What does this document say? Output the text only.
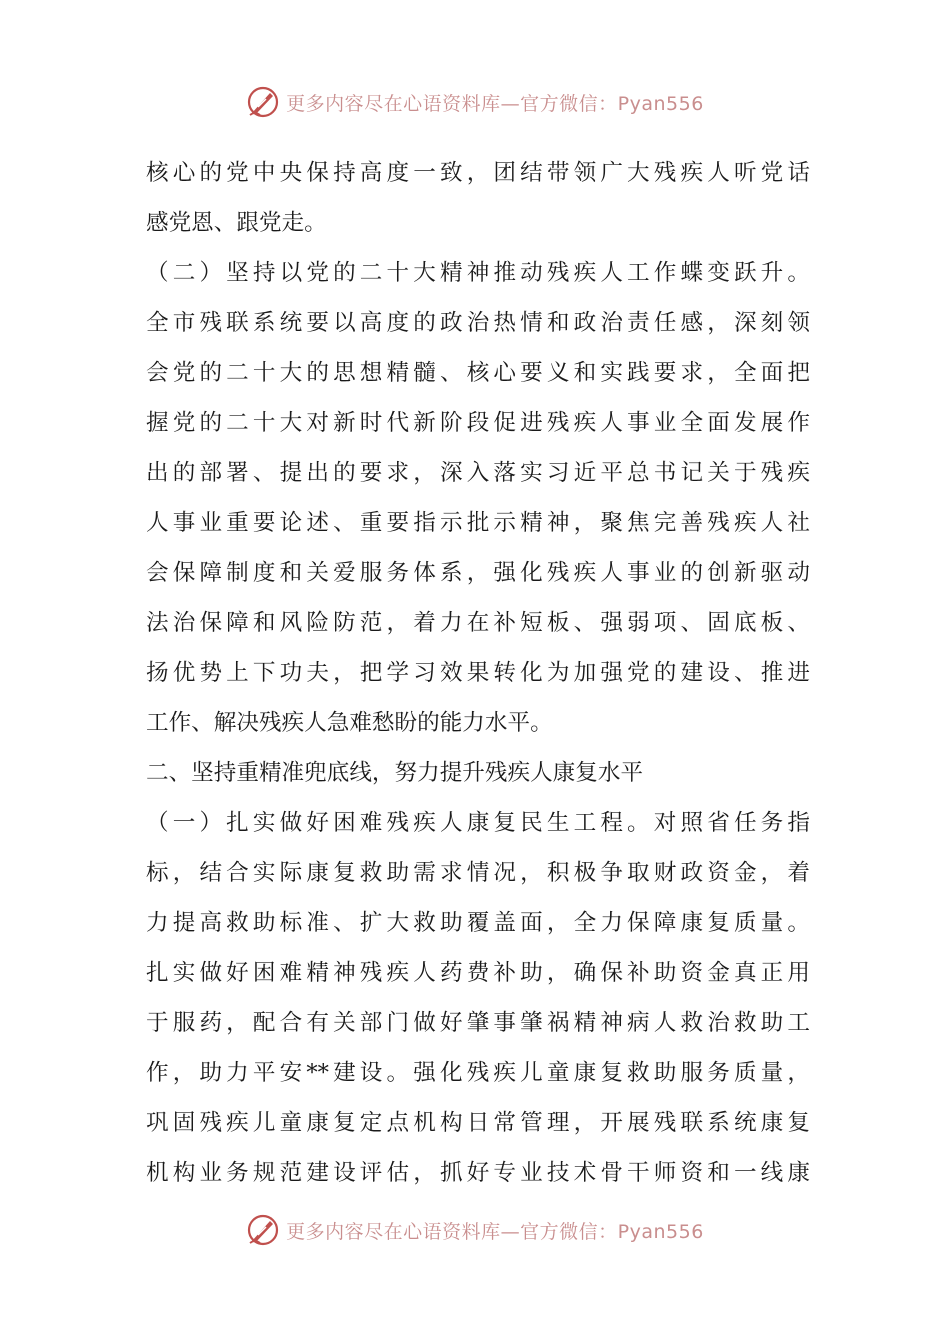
更多内容尽在心语资料库—官方微信：Pyan556
核心的党中央保持高度一致，团结带领广大残疾人听党话
感党恩、跟党走。
（二）坚持以党的二十大精神推动残疾人工作蝶变跃升。
全市残联系统要以高度的政治热情和政治责任感，深刻领
会党的二十大的思想精髓、核心要义和实践要求，全面把
握党的二十大对新时代新阶段促进残疾人事业全面发展作
出的部署、提出的要求，深入落实习近平总书记关于残疾
人事业重要论述、重要指示批示精神，聚焦完善残疾人社
会保障制度和关爱服务体系，强化残疾人事业的创新驱动
法治保障和风险防范，着力在补短板、强弱项、固底板、
扬优势上下功夫，把学习效果转化为加强党的建设、推进
工作、解决残疾人急难愁盼的能力水平。
二、坚持重精准兜底线，努力提升残疾人康复水平
（一）扎实做好困难残疾人康复民生工程。对照省任务指
标，结合实际康复救助需求情况，积极争取财政资金，着
力提高救助标准、扩大救助覆盖面，全力保障康复质量。
扎实做好困难精神残疾人药费补助，确保补助资金真正用
于服药，配合有关部门做好肇事肇祸精神病人救治救助工
作，助力平安**建设。强化残疾儿童康复救助服务质量，
巩固残疾儿童康复定点机构日常管理，开展残联系统康复
机构业务规范建设评估，抓好专业技术骨干师资和一线康
更多内容尽在心语资料库—官方微信：Pyan556
